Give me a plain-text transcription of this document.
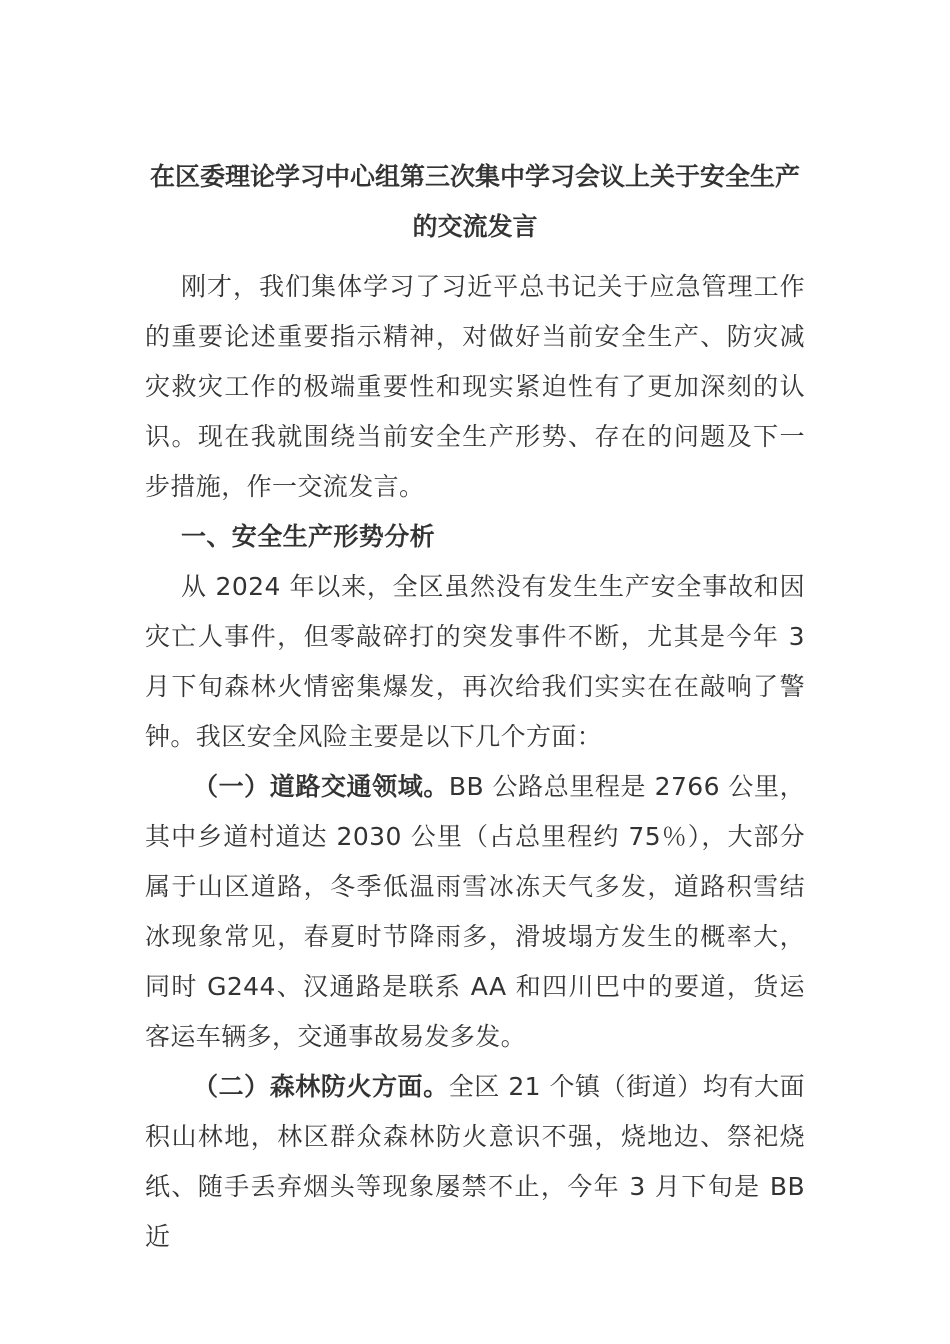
在区委理论学习中心组第三次集中学习会议上关于安全生产的交流发言

刚才，我们集体学习了习近平总书记关于应急管理工作的重要论述重要指示精神，对做好当前安全生产、防灾减灾救灾工作的极端重要性和现实紧迫性有了更加深刻的认识。现在我就围绕当前安全生产形势、存在的问题及下一步措施，作一交流发言。

一、安全生产形势分析

从 2024 年以来，全区虽然没有发生生产安全事故和因灾亡人事件，但零敲碎打的突发事件不断，尤其是今年 3 月下旬森林火情密集爆发，再次给我们实实在在敲响了警钟。我区安全风险主要是以下几个方面：

（一）道路交通领域。BB 公路总里程是 2766 公里，其中乡道村道达 2030 公里（占总里程约 75％），大部分属于山区道路，冬季低温雨雪冰冻天气多发，道路积雪结冰现象常见，春夏时节降雨多，滑坡塌方发生的概率大，同时 G244、汉通路是联系 AA 和四川巴中的要道，货运客运车辆多，交通事故易发多发。

（二）森林防火方面。全区 21 个镇（街道）均有大面积山林地，林区群众森林防火意识不强，烧地边、祭祀烧纸、随手丢弃烟头等现象屡禁不止，今年 3 月下旬是 BB 近
